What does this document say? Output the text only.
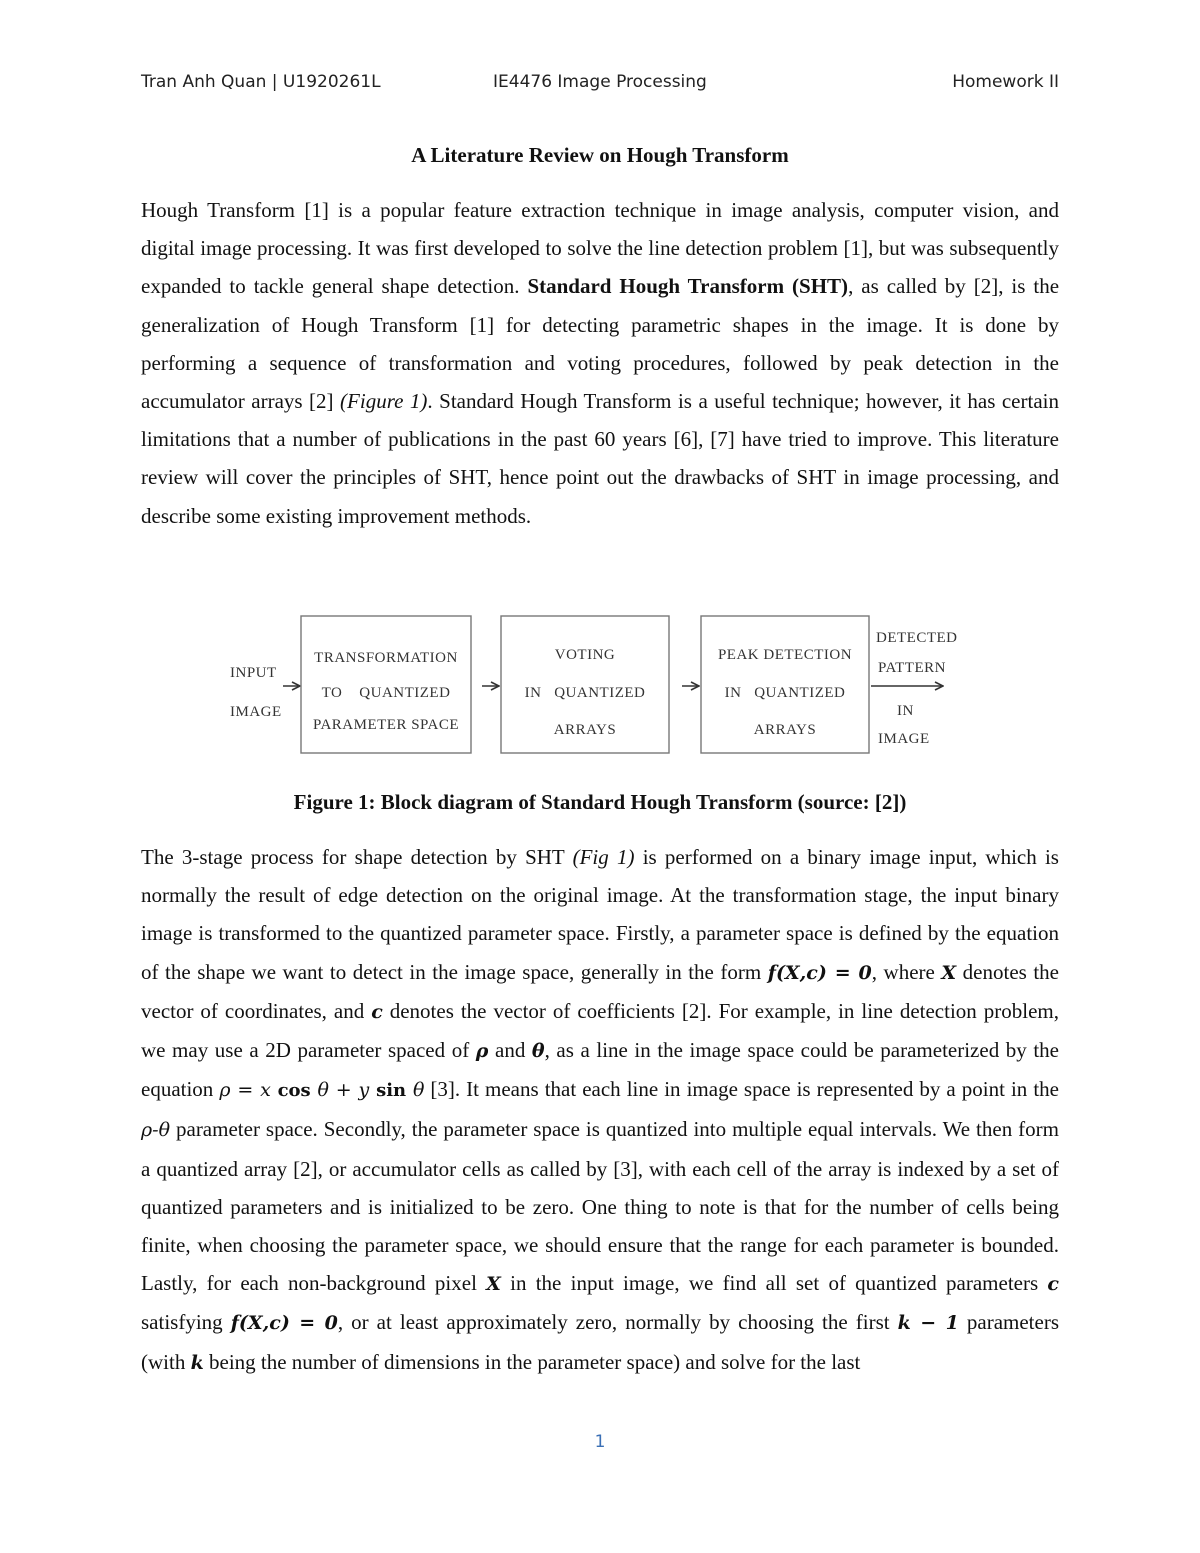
Tran Anh Quan | U1920261L	IE4476 Image Processing	Homework II
A Literature Review on Hough Transform
Hough Transform [1] is a popular feature extraction technique in image analysis, computer vision, and digital image processing. It was first developed to solve the line detection problem [1], but was subsequently expanded to tackle general shape detection. Standard Hough Transform (SHT), as called by [2], is the generalization of Hough Transform [1] for detecting parametric shapes in the image. It is done by performing a sequence of transformation and voting procedures, followed by peak detection in the accumulator arrays [2] (Figure 1). Standard Hough Transform is a useful technique; however, it has certain limitations that a number of publications in the past 60 years [6], [7] have tried to improve. This literature review will cover the principles of SHT, hence point out the drawbacks of SHT in image processing, and describe some existing improvement methods.
INPUT
IMAGE
TRANSFORMATION
TO    QUANTIZED
PARAMETER SPACE
VOTING
IN   QUANTIZED
ARRAYS
PEAK DETECTION
IN   QUANTIZED
ARRAYS
DETECTED
PATTERN
IN
IMAGE
Figure 1: Block diagram of Standard Hough Transform (source: [2])
The 3-stage process for shape detection by SHT (Fig 1) is performed on a binary image input, which is normally the result of edge detection on the original image. At the transformation stage, the input binary image is transformed to the quantized parameter space. Firstly, a parameter space is defined by the equation of the shape we want to detect in the image space, generally in the form f(X,c) = 0, where X denotes the vector of coordinates, and c denotes the vector of coefficients [2]. For example, in line detection problem, we may use a 2D parameter spaced of ρ and θ, as a line in the image space could be parameterized by the equation ρ = x cos θ + y sin θ [3]. It means that each line in image space is represented by a point in the ρ-θ parameter space. Secondly, the parameter space is quantized into multiple equal intervals. We then form a quantized array [2], or accumulator cells as called by [3], with each cell of the array is indexed by a set of quantized parameters and is initialized to be zero. One thing to note is that for the number of cells being finite, when choosing the parameter space, we should ensure that the range for each parameter is bounded. Lastly, for each non-background pixel X in the input image, we find all set of quantized parameters c satisfying f(X,c) = 0, or at least approximately zero, normally by choosing the first k − 1 parameters (with k being the number of dimensions in the parameter space) and solve for the last
1
